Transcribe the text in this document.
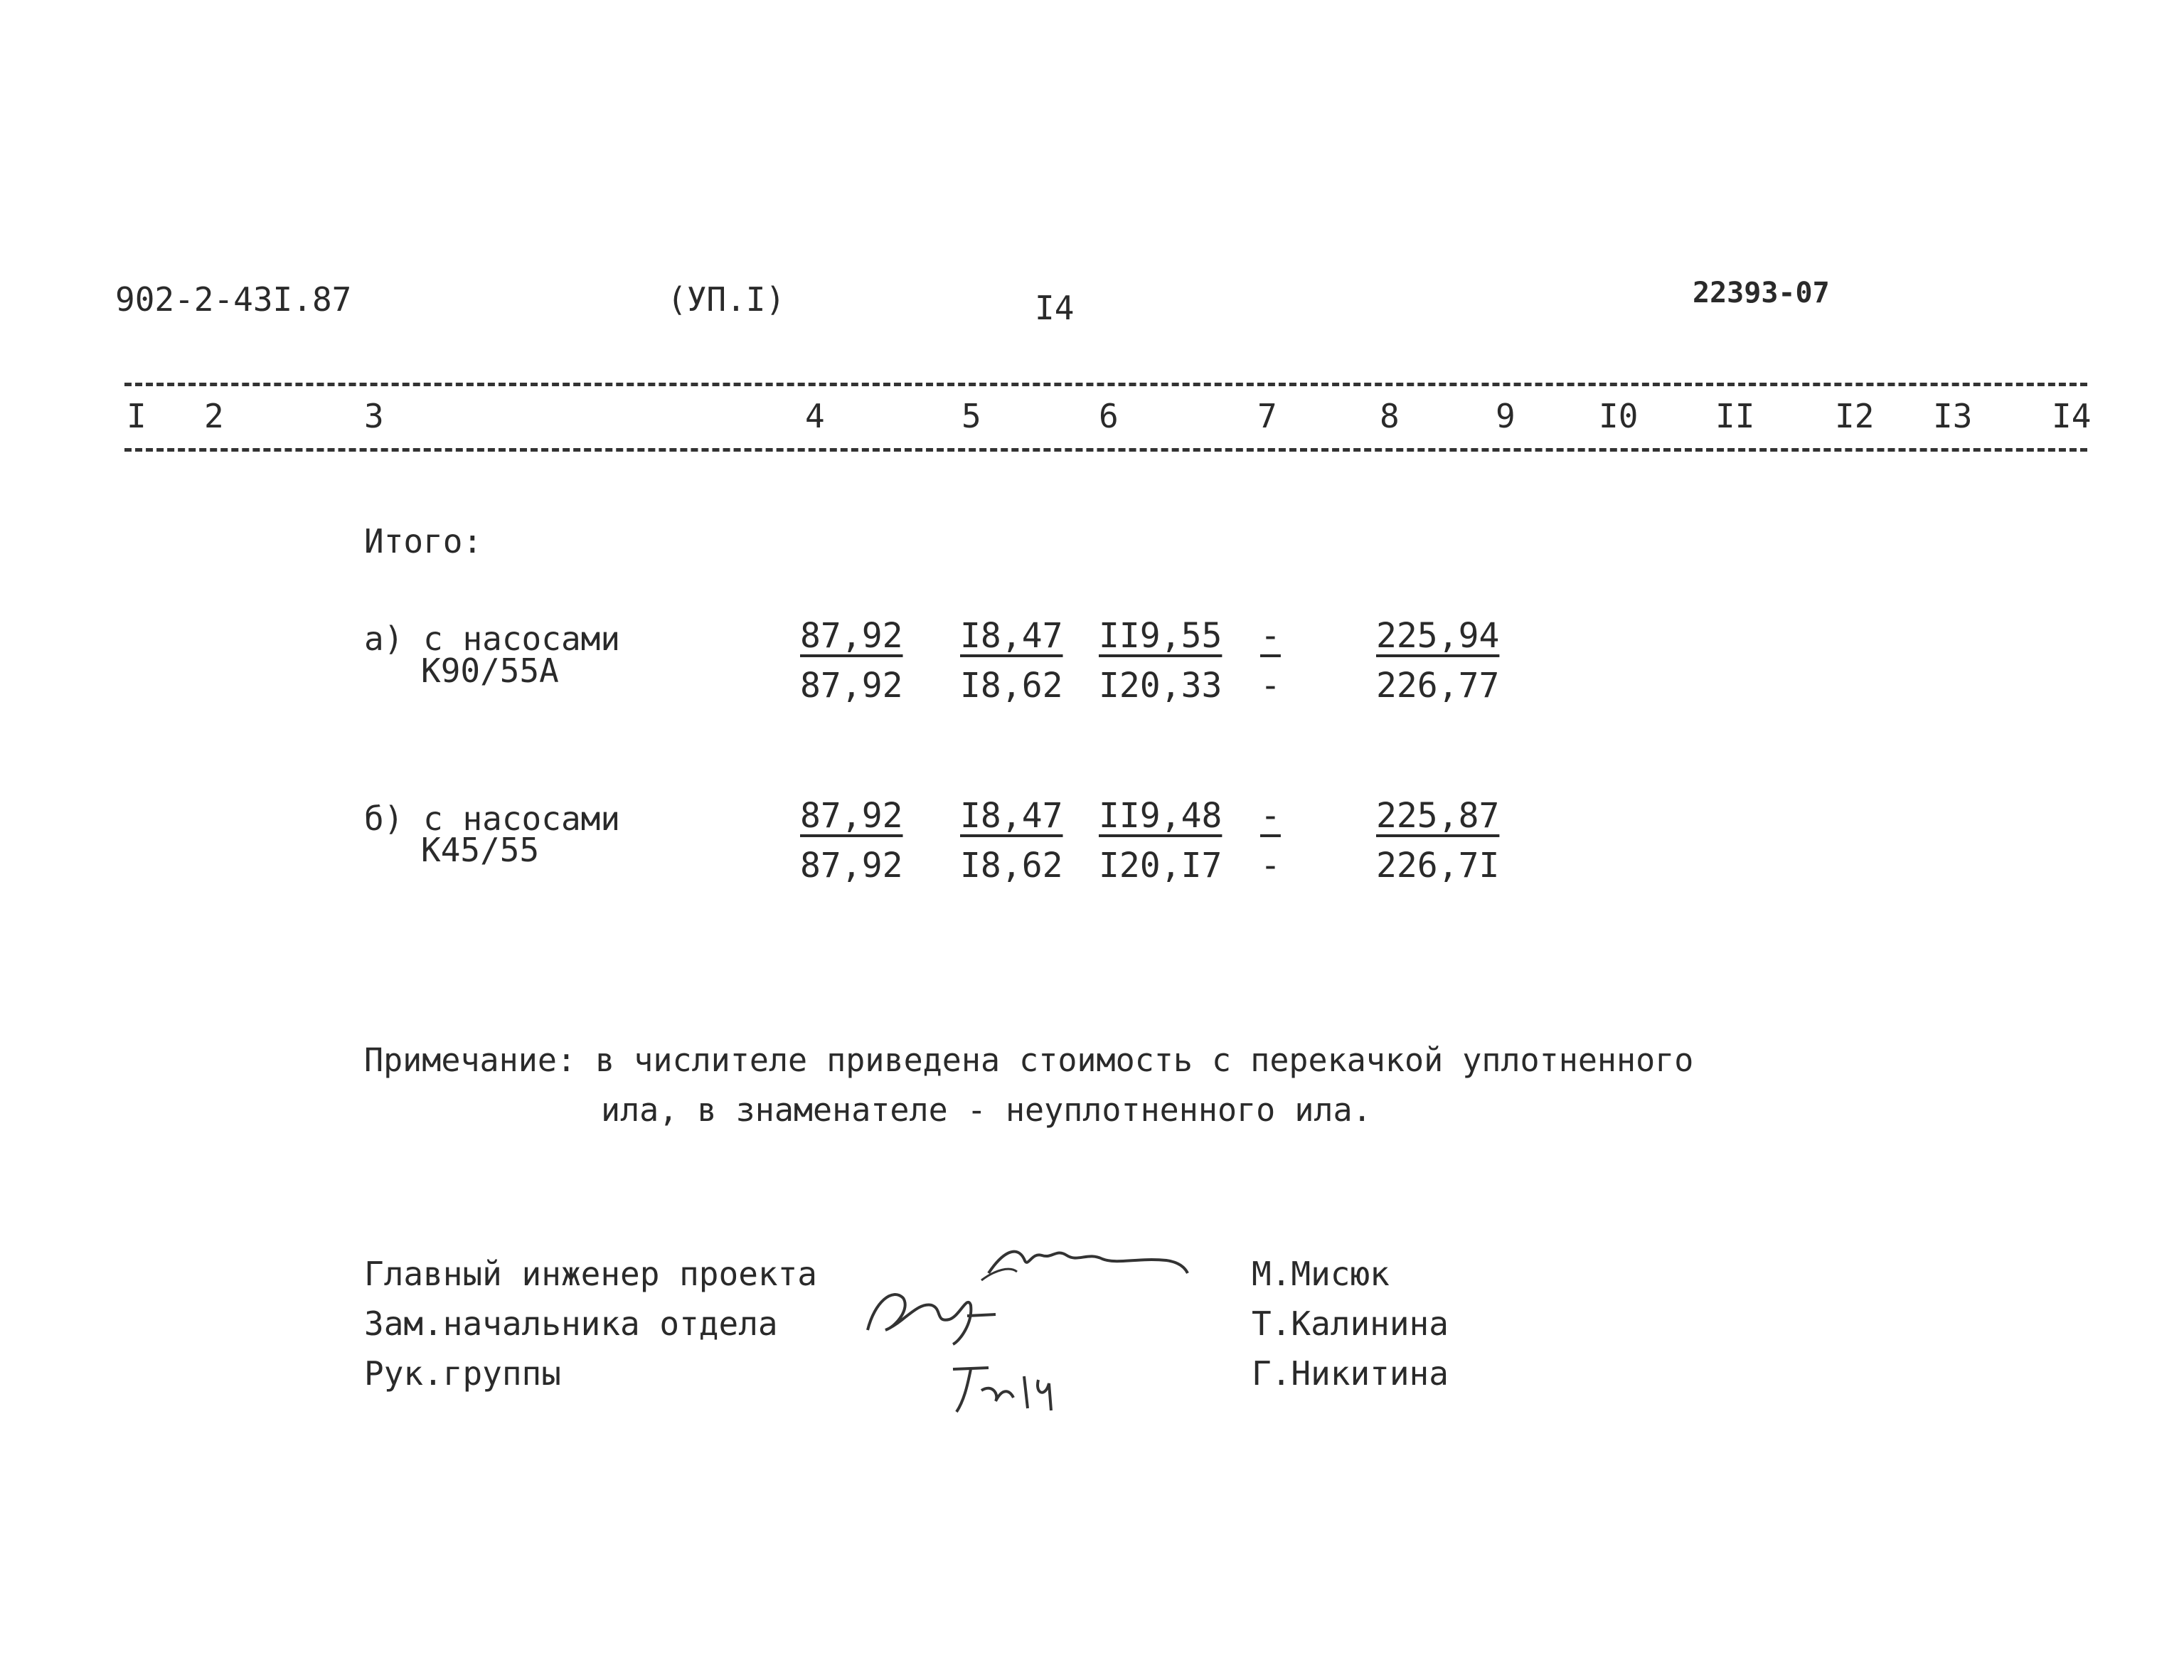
902-2-43I.87	(УП.I)	I4	22393-07
I 2	3	4	5	6	7	8	9	I0 II I2 I3 I4
Итого:
а) с насосами
К90/55А
87,92 I8,47 II9,55 -	225,94
87,92 I8,62 I20,33 -	226,77
б) с насосами
К45/55
87,92 I8,47 II9,48 -	225,87
87,92 I8,62 I20,I7 -	226,7I
Примечание: в числителе приведена стоимость с перекачкой уплотненного
ила, в знаменателе - неуплотненного ила.
Главный инженер проекта
Зам.начальника отдела
Рук.группы
М.Мисюк
Т.Калинина
Г.Никитина
